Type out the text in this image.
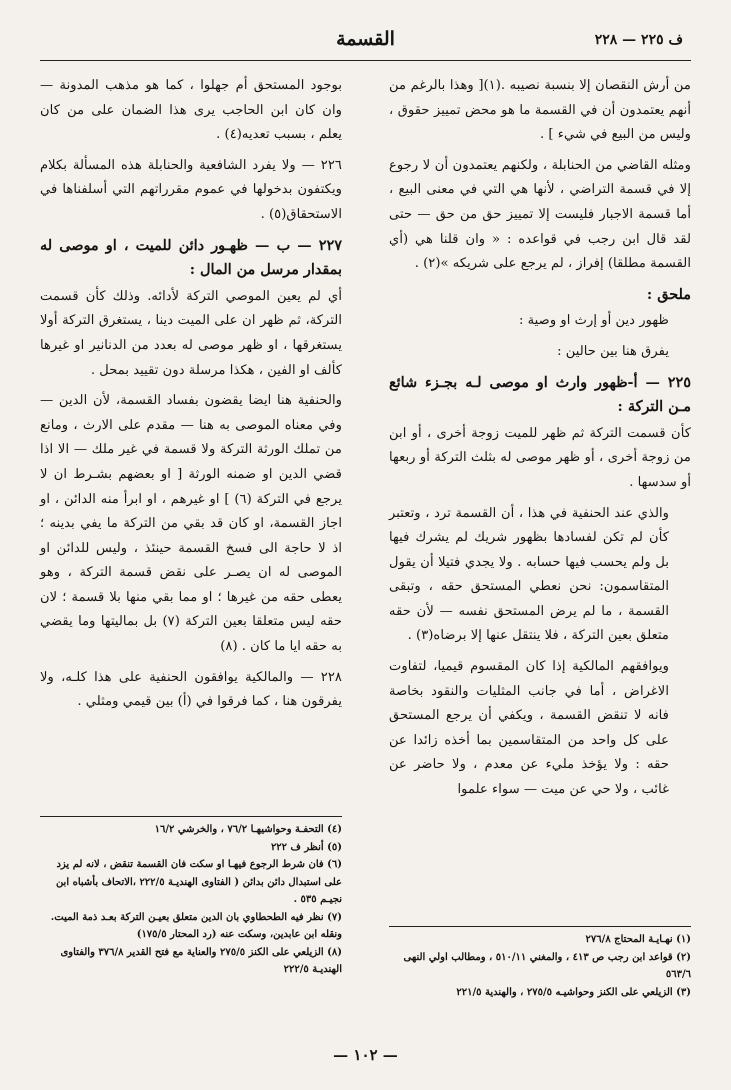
ف ٢٢٥ — ٢٢٨
القسمة

من أرش النقصان إلا بنسبة نصيبه .(١)[ وهذا بالرغم من أنهم يعتمدون أن في القسمة ما هو محض تمييز حقوق ، وليس من البيع في شيء ] .

ومثله القاضي من الحنابلة ، ولكنهم يعتمدون أن لا رجوع إلا في قسمة التراضي ، لأنها هي التي في معنى البيع ، أما قسمة الاجبار فليست إلا تمييز حق من حق — حتى لقد قال ابن رجب في قواعده : « وان قلنا هي (أي القسمة مطلقا) إفراز ، لم يرجع على شريكه »(٢) .

ملحق :

ظهور دين أو إرث او وصية :

يفرق هنا بين حالين :

٢٢٥ — أ-ظهور وارث او موصى لـه بجـزء شائع مـن التركة :

كأن قسمت التركة ثم ظهر للميت زوجة أخرى ، أو ابن من زوجة أخرى ، أو ظهر موصى له بثلث التركة أو ربعها أو سدسها .

والذي عند الحنفية في هذا ، أن القسمة ترد ، وتعتبر كأن لم تكن لفسادها بظهور شريك لم يشرك فيها بل ولم يحسب فيها حسابه . ولا يجدي فتيلا أن يقول المتقاسمون: نحن نعطي المستحق حقه ، وتبقى القسمة ، ما لم يرض المستحق نفسه — لأن حقه متعلق بعين التركة ، فلا ينتقل عنها إلا برضاه(٣) .

ويوافقهم المالكية إذا كان المقسوم قيميا، لتفاوت الاغراض ، أما في جانب المثليات والنقود بخاصة فانه لا تنقض القسمة ، ويكفي أن يرجع المستحق على كل واحد من المتقاسمين بما أخذه زائدا عن حقه : ولا يؤخذ مليء عن معدم ، ولا حاضر عن غائب ، ولا حي عن ميت — سواء علموا

بوجود المستحق أم جهلوا ، كما هو مذهب المدونة — وان كان ابن الحاجب يرى هذا الضمان على من كان يعلم ، بسبب تعديه(٤) .

٢٢٦ — ولا يفرد الشافعية والحنابلة هذه المسألة بكلام ويكتفون بدخولها في عموم مقرراتهم التي أسلفناها في الاستحقاق(٥) .

٢٢٧ — ب — ظهـور دائن للميت ، او موصى له بمقدار مرسل من المال :

أي لم يعين الموصي التركة لأدائه. وذلك كأن قسمت التركة، ثم ظهر ان على الميت دينا ، يستغرق التركة أولا يستغرقها ، او ظهر موصى له بعدد من الدنانير او غيرها كألف او الفين ، هكذا مرسلة دون تقييد بمحل .

والحنفية هنا ايضا يقضون بفساد القسمة، لأن الدين — وفي معناه الموصى به هنا — مقدم على الارث ، ومانع من تملك الورثة التركة ولا قسمة في غير ملك — الا اذا قضي الدين او ضمنه الورثة [ او بعضهم بشـرط ان لا يرجع في التركة (٦) ] او غيرهم ، او ابرأ منه الدائن ، او اجاز القسمة، او كان قد بقي من التركة ما يفي بدينه ؛ اذ لا حاجة الى فسخ القسمة حينئذ ، وليس للدائن او الموصى له ان يصـر على نقض قسمة التركة ، وهو يعطى حقه من غيرها ؛ او مما بقي منها بلا قسمة ؛ لان حقه ليس متعلقا بعين التركة (٧) بل بماليتها وما يقضي به حقه ايا ما كان . (٨)

٢٢٨ — والمالكية يوافقون الحنفية على هذا كلـه، ولا يفرقون هنا ، كما فرقوا في (أ) بين قيمي ومثلي .

(٤) التحفـة وحواشيهـا ٧٦/٢ ، والخرشي ١٦/٢
(٥) أنظر ف ٢٢٢
(٦) فان شرط الرجوع فيهـا او سكت فان القسمة تنقض ، لانه لم يزد على استبدال دائن بدائن ( الفتاوى الهنديـة ٢٢٢/٥ ،الاتحاف بأشباه ابن نجيـم ٥٣٥ .
(٧) نظر فيه الطحطاوي بان الدين متعلق بعيـن التركة بعـد ذمة الميت. ونقله ابن عابدين، وسكت عنه (رد المحتار ١٧٥/٥)
(٨) الزيلعي على الكنز ٢٧٥/٥ والعناية مع فتح القدير ٣٧٦/٨ والفتاوى الهنديـة ٢٢٢/٥
(١) نهـايـة المحتاج ٢٧٦/٨
(٢) قواعد ابن رجب ص ٤١٣ ، والمغني ٥١٠/١١ ، ومطالب اولي النهى ٥٦٣/٦
(٣) الزيلعي على الكنز وحواشيـه ٢٧٥/٥ ، والهندية ٢٢١/٥
— ١٠٢ —
